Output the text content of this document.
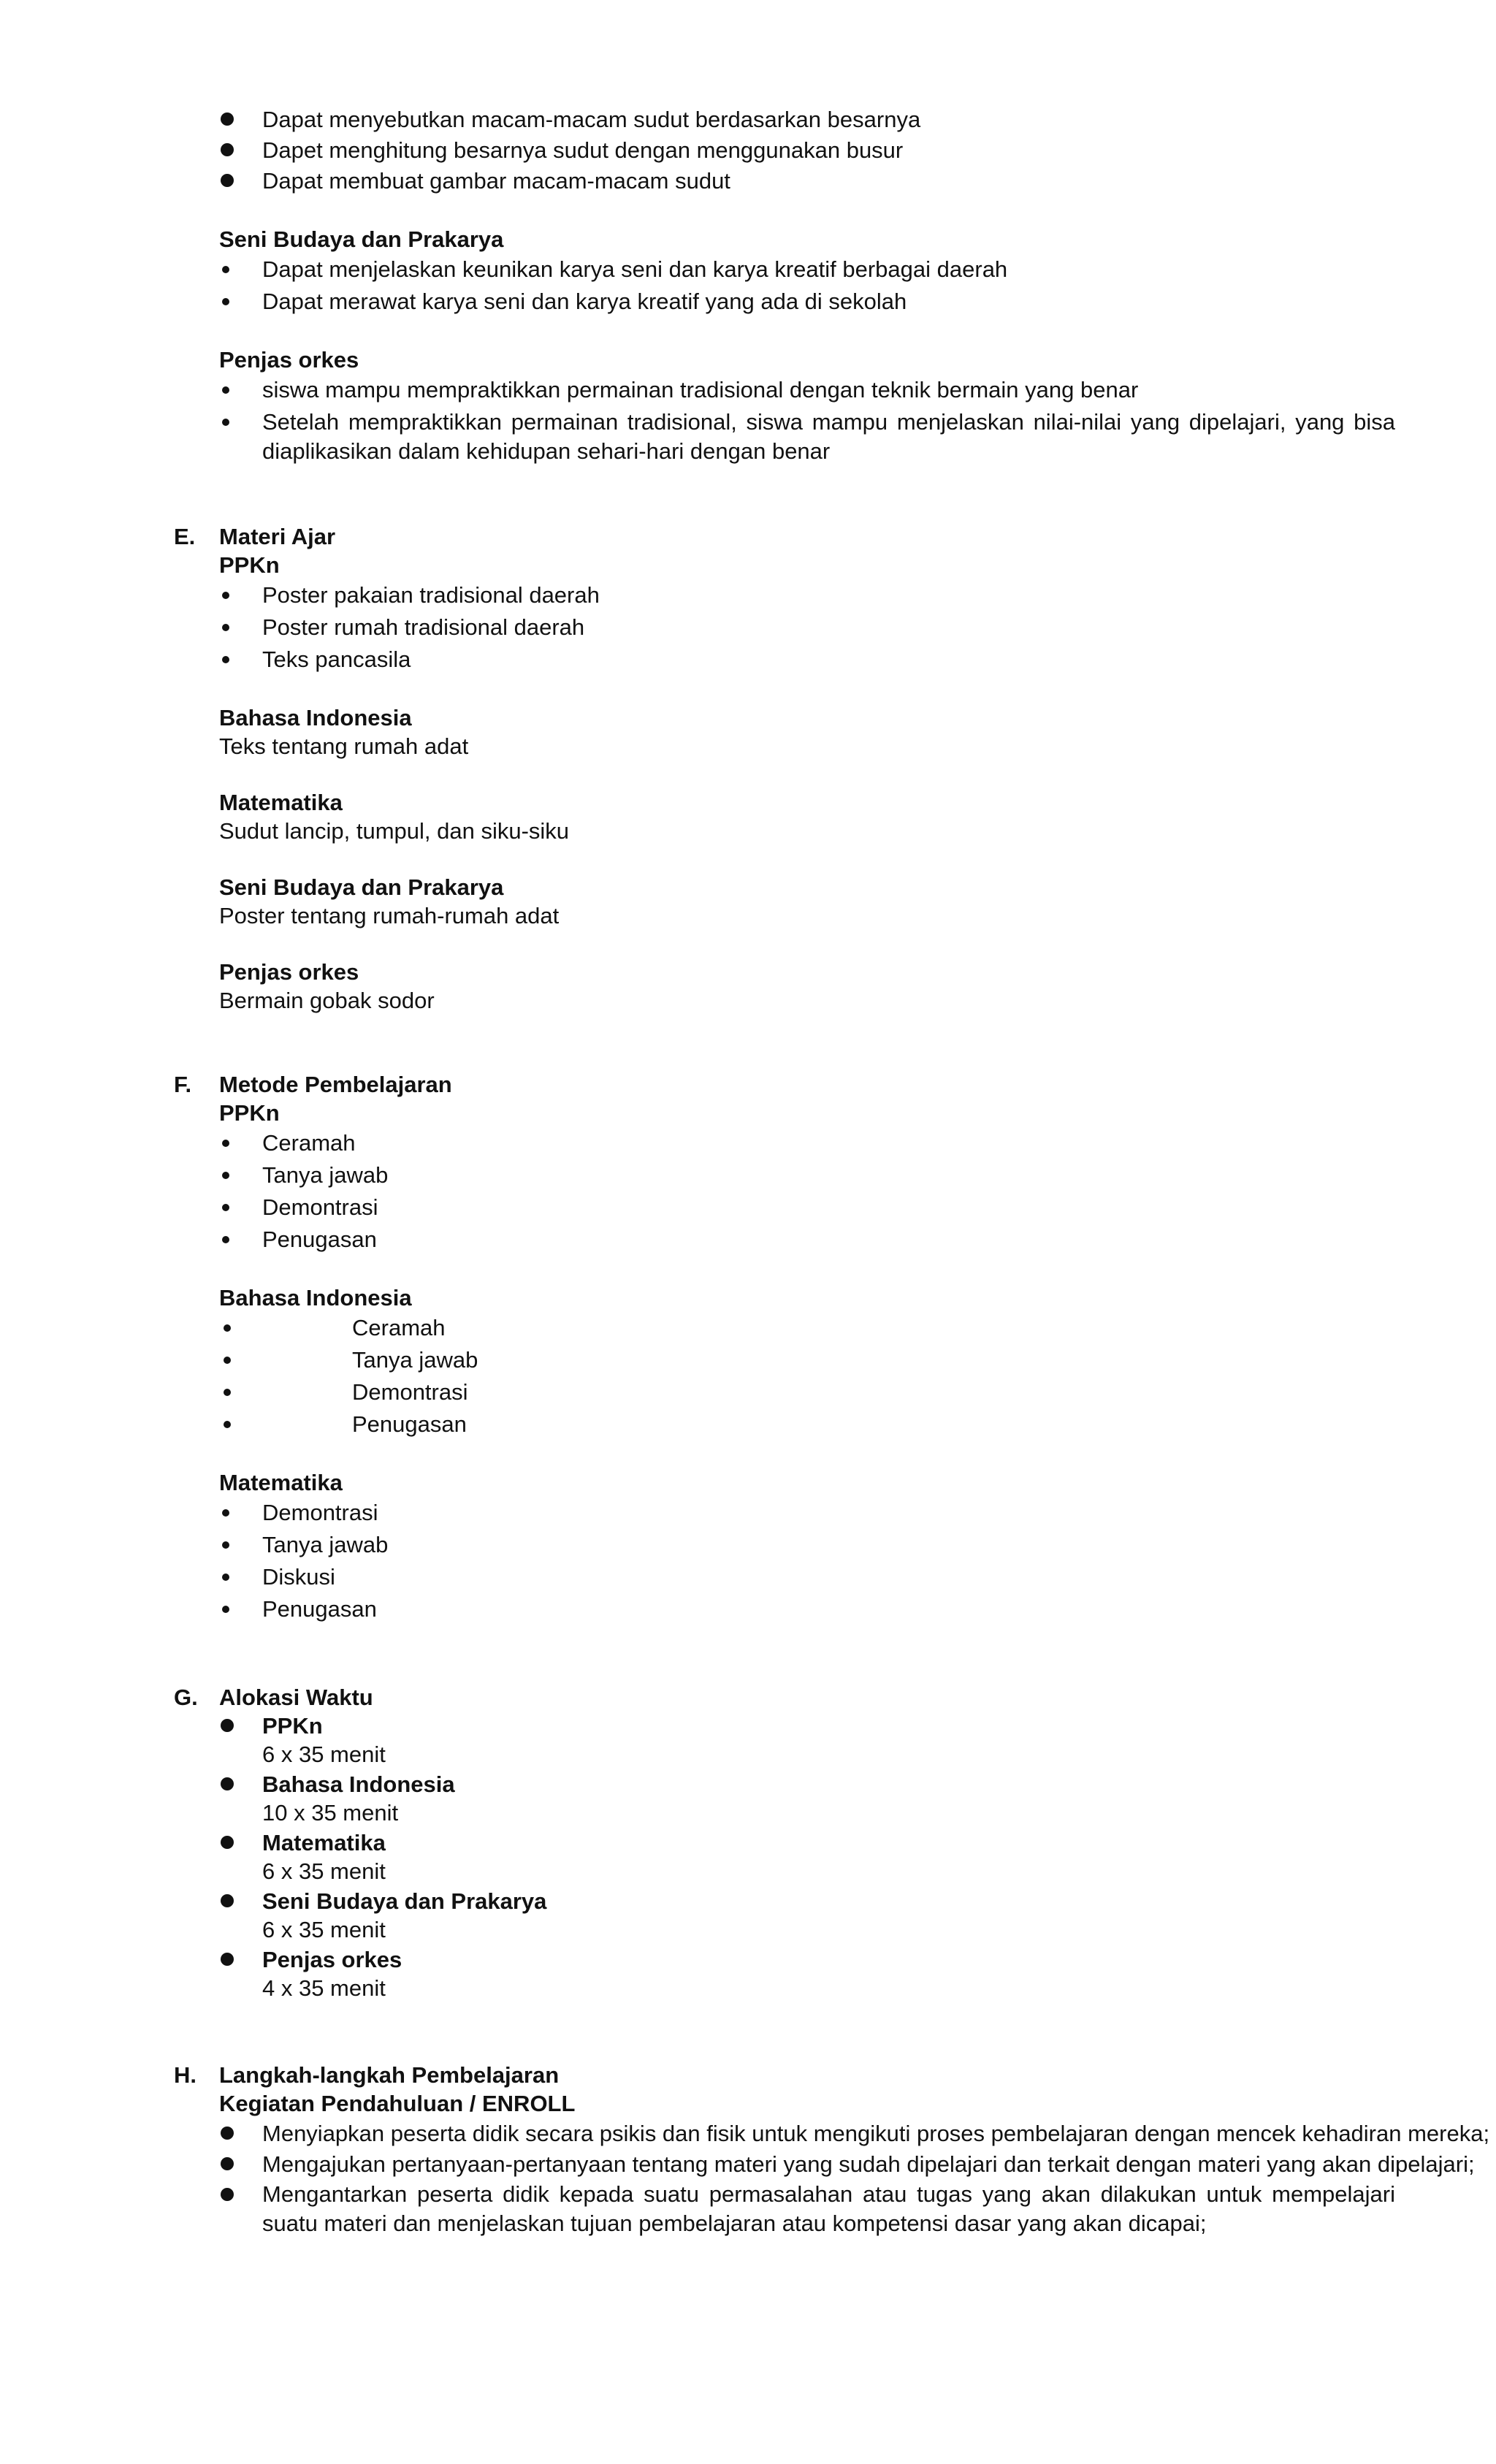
Dapat menyebutkan macam-macam sudut berdasarkan besarnya
Dapet menghitung besarnya sudut dengan menggunakan busur
Dapat membuat gambar macam-macam sudut
Seni Budaya dan Prakarya
Dapat menjelaskan keunikan karya seni dan karya kreatif berbagai daerah
Dapat merawat karya seni dan karya kreatif yang ada di sekolah
Penjas orkes
siswa mampu mempraktikkan permainan tradisional dengan teknik bermain yang benar
Setelah mempraktikkan permainan tradisional, siswa mampu menjelaskan nilai-nilai yang dipelajari, yang bisa diaplikasikan dalam kehidupan sehari-hari dengan benar
E. Materi Ajar
PPKn
Poster pakaian tradisional daerah
Poster rumah tradisional daerah
Teks pancasila
Bahasa Indonesia
Teks tentang rumah adat
Matematika
Sudut lancip, tumpul, dan siku-siku
Seni Budaya dan Prakarya
Poster tentang rumah-rumah adat
Penjas orkes
Bermain gobak sodor
F. Metode Pembelajaran
PPKn
Ceramah
Tanya jawab
Demontrasi
Penugasan
Bahasa Indonesia
Ceramah
Tanya jawab
Demontrasi
Penugasan
Matematika
Demontrasi
Tanya jawab
Diskusi
Penugasan
G. Alokasi Waktu
PPKn
6 x 35 menit
Bahasa Indonesia
10 x 35 menit
Matematika
6 x 35 menit
Seni Budaya dan Prakarya
6 x 35 menit
Penjas orkes
4 x 35 menit
H. Langkah-langkah Pembelajaran
Kegiatan Pendahuluan / ENROLL
Menyiapkan peserta didik secara psikis dan fisik untuk mengikuti proses pembelajaran dengan mencek kehadiran mereka;
Mengajukan pertanyaan-pertanyaan tentang materi yang sudah dipelajari dan terkait dengan materi yang akan dipelajari;
Mengantarkan peserta didik kepada suatu permasalahan atau tugas yang akan dilakukan untuk mempelajari suatu materi dan menjelaskan tujuan pembelajaran atau kompetensi dasar yang akan dicapai;
